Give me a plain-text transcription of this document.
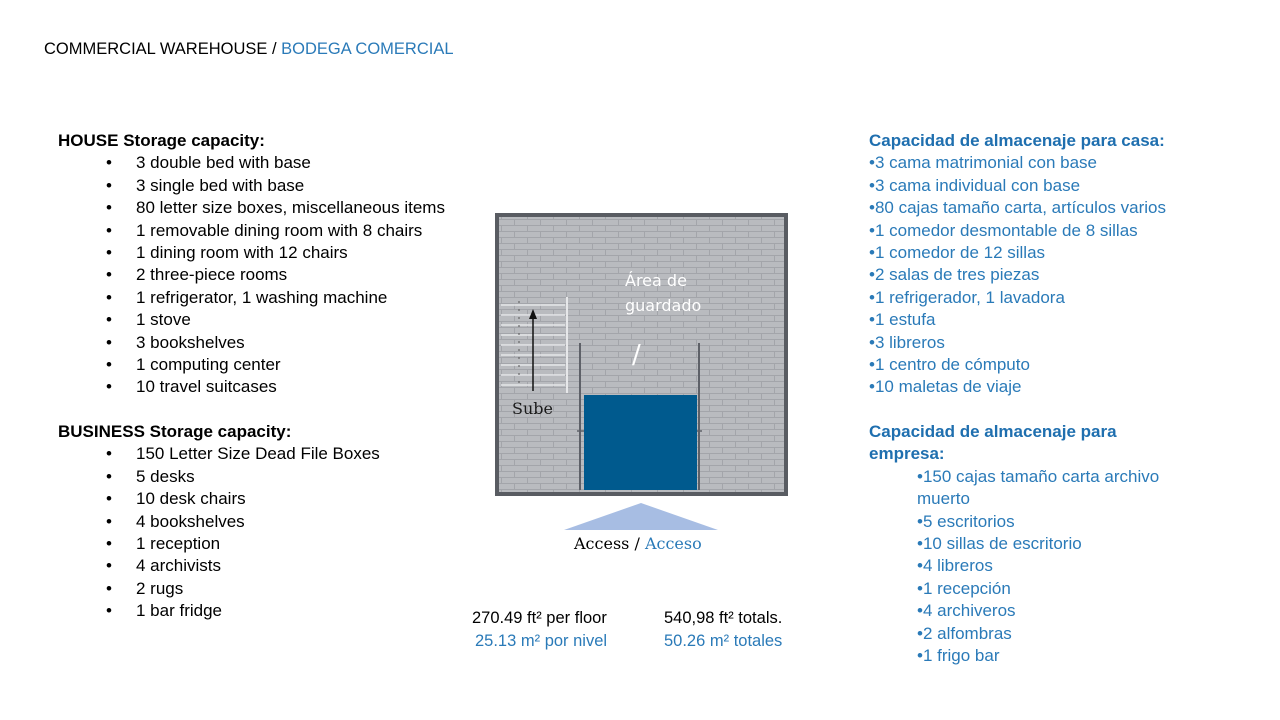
COMMERCIAL WAREHOUSE / BODEGA COMERCIAL
HOUSE Storage capacity:
• 3 double bed with base
• 3 single bed with base
• 80 letter size boxes, miscellaneous items
• 1 removable dining room with 8 chairs
• 1 dining room with 12 chairs
• 2 three-piece rooms
• 1 refrigerator, 1 washing machine
• 1 stove
• 3 bookshelves
• 1 computing center
• 10 travel suitcases
BUSINESS Storage capacity:
• 150 Letter Size Dead File Boxes
• 5 desks
• 10 desk chairs
• 4 bookshelves
• 1 reception
• 4 archivists
• 2 rugs
• 1 bar fridge
Capacidad de almacenaje para casa:
•3 cama matrimonial con base
•3 cama individual con base
•80 cajas tamaño carta, artículos varios
•1 comedor desmontable de 8 sillas
•1 comedor de 12 sillas
•2 salas de tres piezas
•1 refrigerador, 1 lavadora
•1 estufa
•3 libreros
•1 centro de cómputo
•10 maletas de viaje
Capacidad de almacenaje para
empresa:
•150 cajas tamaño carta archivo muerto
•5 escritorios
•10 sillas de escritorio
•4 libreros
•1 recepción
•4 archiveros
•2 alfombras
•1 frigo bar
Área de
guardado
/
Sube
Access / Acceso
270.49 ft² per floor
25.13 m² por nivel
540,98 ft² totals.
50.26 m² totales
